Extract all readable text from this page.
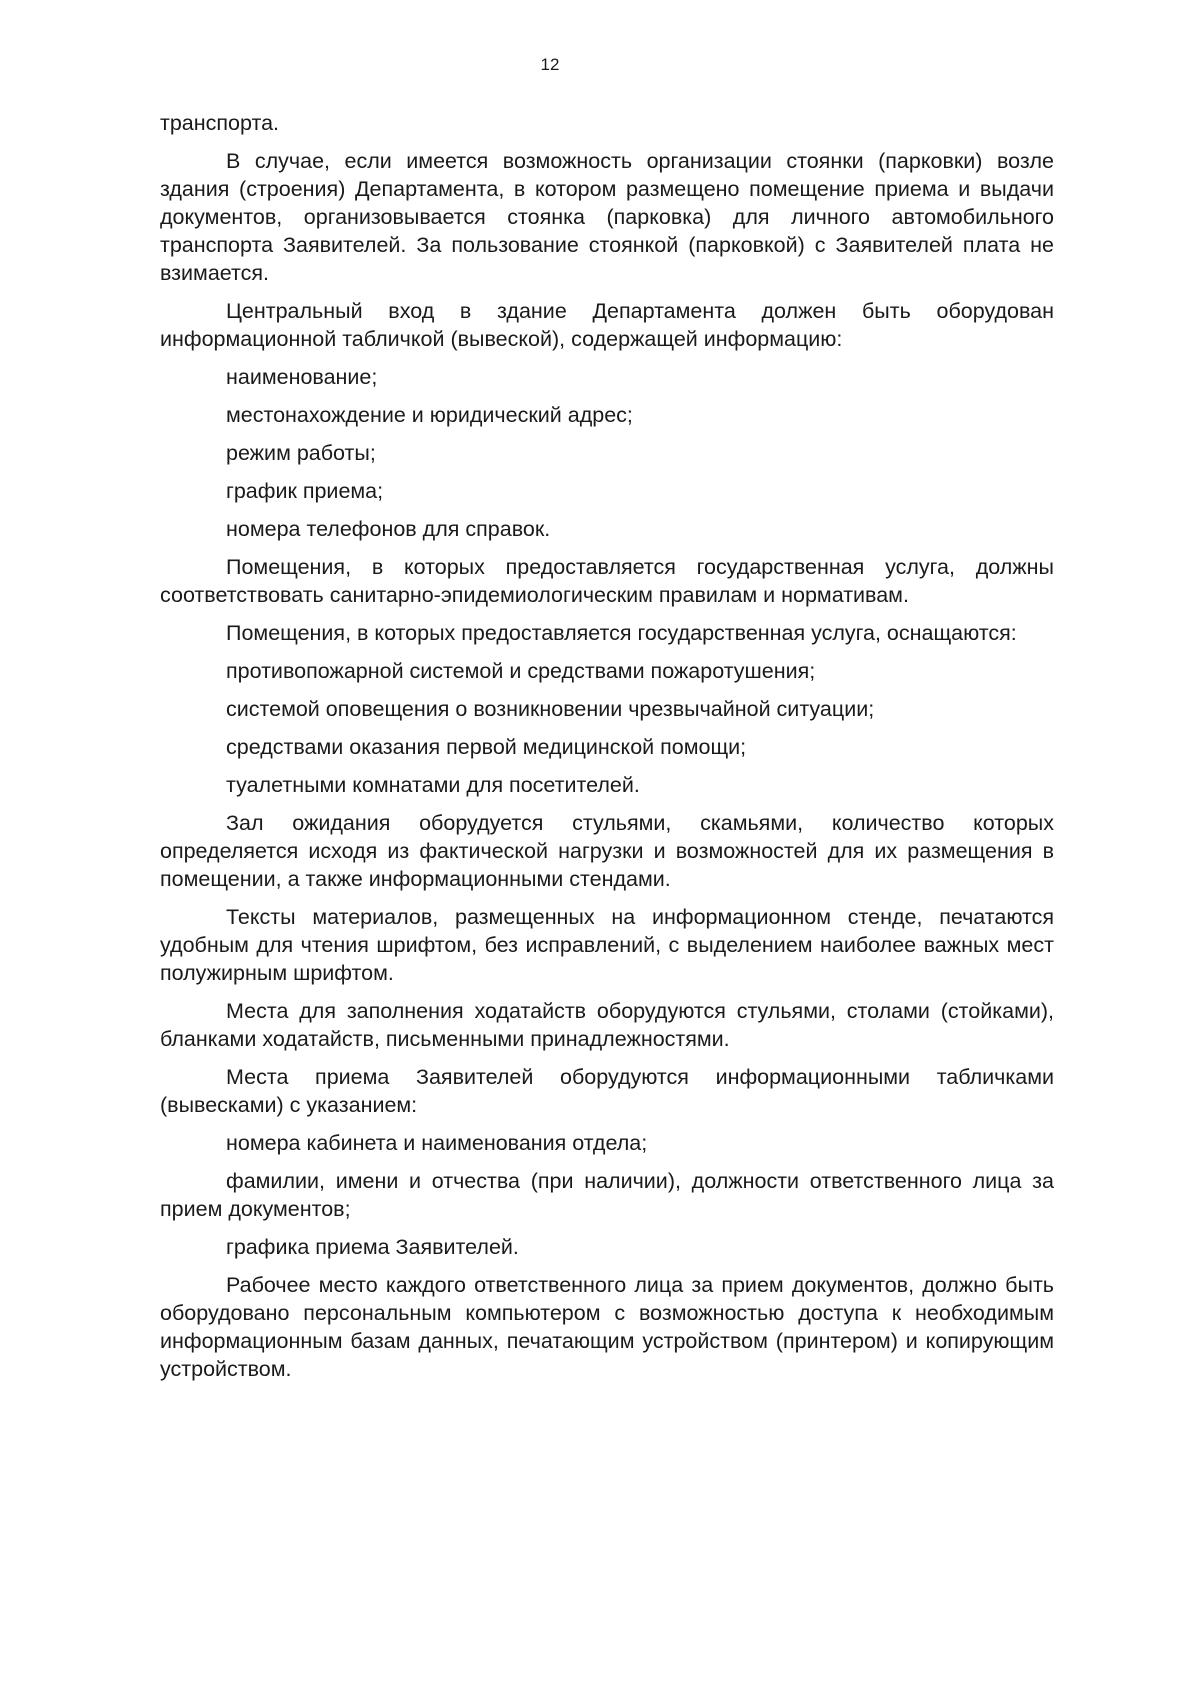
12

транспорта.

В случае, если имеется возможность организации стоянки (парковки) возле здания (строения) Департамента, в котором размещено помещение приема и выдачи документов, организовывается стоянка (парковка) для личного автомобильного транспорта Заявителей. За пользование стоянкой (парковкой) с Заявителей плата не взимается.

Центральный вход в здание Департамента должен быть оборудован информационной табличкой (вывеской), содержащей информацию:

наименование;

местонахождение и юридический адрес;

режим работы;

график приема;

номера телефонов для справок.

Помещения, в которых предоставляется государственная услуга, должны соответствовать санитарно-эпидемиологическим правилам и нормативам.

Помещения, в которых предоставляется государственная услуга, оснащаются:

противопожарной системой и средствами пожаротушения;

системой оповещения о возникновении чрезвычайной ситуации;

средствами оказания первой медицинской помощи;

туалетными комнатами для посетителей.

Зал ожидания оборудуется стульями, скамьями, количество которых определяется исходя из фактической нагрузки и возможностей для их размещения в помещении, а также информационными стендами.

Тексты материалов, размещенных на информационном стенде, печатаются удобным для чтения шрифтом, без исправлений, с выделением наиболее важных мест полужирным шрифтом.

Места для заполнения ходатайств оборудуются стульями, столами (стойками), бланками ходатайств, письменными принадлежностями.

Места приема Заявителей оборудуются информационными табличками (вывесками) с указанием:

номера кабинета и наименования отдела;

фамилии, имени и отчества (при наличии), должности ответственного лица за прием документов;

графика приема Заявителей.

Рабочее место каждого ответственного лица за прием документов, должно быть оборудовано персональным компьютером с возможностью доступа к необходимым информационным базам данных, печатающим устройством (принтером) и копирующим устройством.
